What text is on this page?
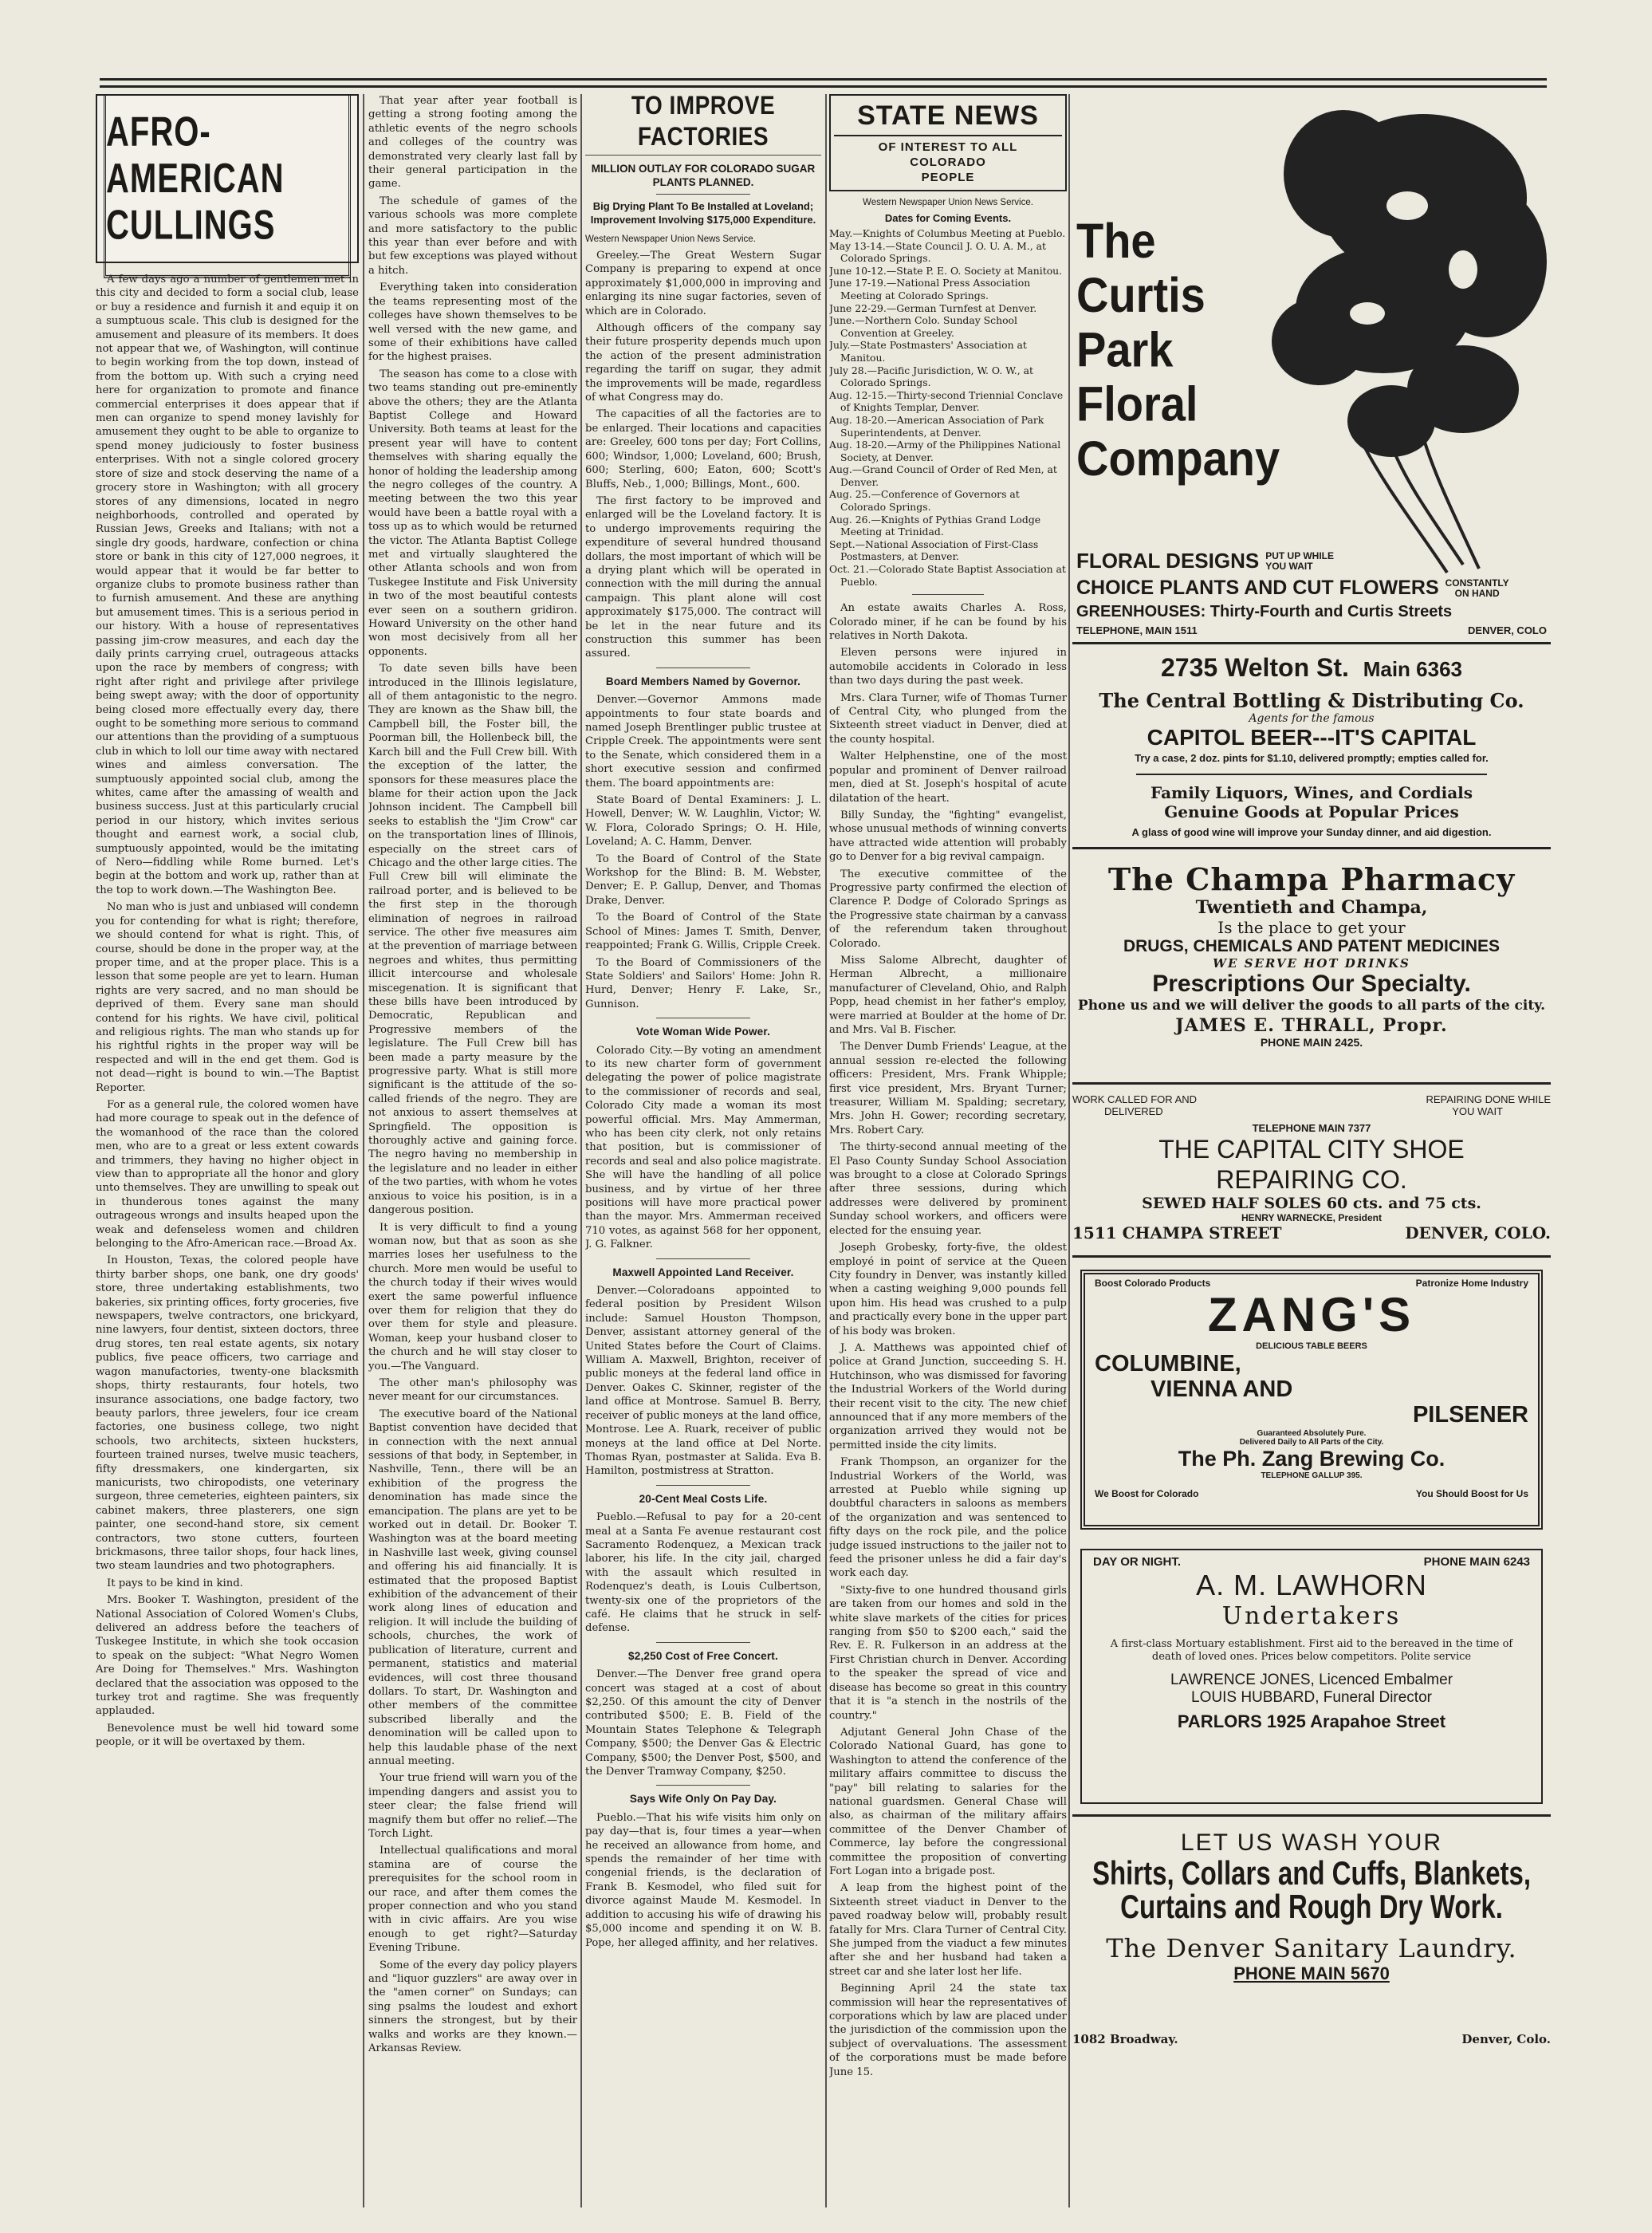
AFRO-AMERICAN CULLINGS

A few days ago a number of gentlemen met in this city and decided to form a social club, lease or buy a residence and furnish it and equip it on a sumptuous scale. This club is designed for the amusement and pleasure of its members. It does not appear that we, of Washington, will continue to begin working from the top down, instead of from the bottom up. With such a crying need here for organization to promote and finance commercial enterprises it does appear that if men can organize to spend money lavishly for amusement they ought to be able to organize to spend money judiciously to foster business enterprises. With not a single colored grocery store of size and stock deserving the name of a grocery store in Washington; with all grocery stores of any dimensions, located in negro neighborhoods, controlled and operated by Russian Jews, Greeks and Italians; with not a single dry goods, hardware, confection or china store or bank in this city of 127,000 negroes, it would appear that it would be far better to organize clubs to promote business rather than to furnish amusement. And these are anything but amusement times. This is a serious period in our history. With a house of representatives passing jim-crow measures, and each day the daily prints carrying cruel, outrageous attacks upon the race by members of congress; with right after right and privilege after privilege being swept away; with the door of opportunity being closed more effectually every day, there ought to be something more serious to command our attentions than the providing of a sumptuous club in which to loll our time away with nectared wines and aimless conversation. The sumptuously appointed social club, among the whites, came after the amassing of wealth and business success. Just at this particularly crucial period in our history, which invites serious thought and earnest work, a social club, sumptuously appointed, would be the imitating of Nero—fiddling while Rome burned. Let's begin at the bottom and work up, rather than at the top to work down.—The Washington Bee.

No man who is just and unbiased will condemn you for contending for what is right; therefore, we should contend for what is right. This, of course, should be done in the proper way, at the proper time, and at the proper place. This is a lesson that some people are yet to learn. Human rights are very sacred, and no man should be deprived of them. Every sane man should contend for his rights. We have civil, political and religious rights. The man who stands up for his rightful rights in the proper way will be respected and will in the end get them. God is not dead—right is bound to win.—The Baptist Reporter.

For as a general rule, the colored women have had more courage to speak out in the defence of the womanhood of the race than the colored men, who are to a great or less extent cowards and trimmers, they having no higher object in view than to appropriate all the honor and glory unto themselves. They are unwilling to speak out in thunderous tones against the many outrageous wrongs and insults heaped upon the weak and defenseless women and children belonging to the Afro-American race.—Broad Ax.

In Houston, Texas, the colored people have thirty barber shops, one bank, one dry goods' store, three undertaking establishments, two bakeries, six printing offices, forty groceries, five newspapers, twelve contractors, one brickyard, nine lawyers, four dentist, sixteen doctors, three drug stores, ten real estate agents, six notary publics, five peace officers, two carriage and wagon manufactories, twenty-one blacksmith shops, thirty restaurants, four hotels, two insurance associations, one badge factory, two beauty parlors, three jewelers, four ice cream factories, one business college, two night schools, two architects, sixteen hucksters, fourteen trained nurses, twelve music teachers, fifty dressmakers, one kindergarten, six manicurists, two chiropodists, one veterinary surgeon, three cemeteries, eighteen painters, six cabinet makers, three plasterers, one sign painter, one second-hand store, six cement contractors, two stone cutters, fourteen brickmasons, three tailor shops, four hack lines, two steam laundries and two photographers.

It pays to be kind in kind.

Mrs. Booker T. Washington, president of the National Association of Colored Women's Clubs, delivered an address before the teachers of Tuskegee Institute, in which she took occasion to speak on the subject: "What Negro Women Are Doing for Themselves." Mrs. Washington declared that the association was opposed to the turkey trot and ragtime. She was frequently applauded.

Benevolence must be well hid toward some people, or it will be overtaxed by them.

That year after year football is getting a strong footing among the athletic events of the negro schools and colleges of the country was demonstrated very clearly last fall by their general participation in the game.

The schedule of games of the various schools was more complete and more satisfactory to the public this year than ever before and with but few exceptions was played without a hitch.

Everything taken into consideration the teams representing most of the colleges have shown themselves to be well versed with the new game, and some of their exhibitions have called for the highest praises.

The season has come to a close with two teams standing out pre-eminently above the others; they are the Atlanta Baptist College and Howard University. Both teams at least for the present year will have to content themselves with sharing equally the honor of holding the leadership among the negro colleges of the country. A meeting between the two this year would have been a battle royal with a toss up as to which would be returned the victor. The Atlanta Baptist College met and virtually slaughtered the other Atlanta schools and won from Tuskegee Institute and Fisk University in two of the most beautiful contests ever seen on a southern gridiron. Howard University on the other hand won most decisively from all her opponents.

To date seven bills have been introduced in the Illinois legislature, all of them antagonistic to the negro. They are known as the Shaw bill, the Campbell bill, the Foster bill, the Poorman bill, the Hollenbeck bill, the Karch bill and the Full Crew bill. With the exception of the latter, the sponsors for these measures place the blame for their action upon the Jack Johnson incident. The Campbell bill seeks to establish the "Jim Crow" car on the transportation lines of Illinois, especially on the street cars of Chicago and the other large cities. The Full Crew bill will eliminate the railroad porter, and is believed to be the first step in the thorough elimination of negroes in railroad service. The other five measures aim at the prevention of marriage between negroes and whites, thus permitting illicit intercourse and wholesale miscegenation. It is significant that these bills have been introduced by Democratic, Republican and Progressive members of the legislature. The Full Crew bill has been made a party measure by the progressive party. What is still more significant is the attitude of the so-called friends of the negro. They are not anxious to assert themselves at Springfield. The opposition is thoroughly active and gaining force. The negro having no membership in the legislature and no leader in either of the two parties, with whom he votes anxious to voice his position, is in a dangerous position.

It is very difficult to find a young woman now, but that as soon as she marries loses her usefulness to the church. More men would be useful to the church today if their wives would exert the same powerful influence over them for religion that they do over them for style and pleasure. Woman, keep your husband closer to the church and he will stay closer to you.—The Vanguard.

The other man's philosophy was never meant for our circumstances.

The executive board of the National Baptist convention have decided that in connection with the next annual sessions of that body, in September, in Nashville, Tenn., there will be an exhibition of the progress the denomination has made since the emancipation. The plans are yet to be worked out in detail. Dr. Booker T. Washington was at the board meeting in Nashville last week, giving counsel and offering his aid financially. It is estimated that the proposed Baptist exhibition of the advancement of their work along lines of education and religion. It will include the building of schools, churches, the work of publication of literature, current and permanent, statistics and material evidences, will cost three thousand dollars. To start, Dr. Washington and other members of the committee subscribed liberally and the denomination will be called upon to help this laudable phase of the next annual meeting.

Your true friend will warn you of the impending dangers and assist you to steer clear; the false friend will magnify them but offer no relief.—The Torch Light.

Intellectual qualifications and moral stamina are of course the prerequisites for the school room in our race, and after them comes the proper connection and who you stand with in civic affairs. Are you wise enough to get right?—Saturday Evening Tribune.

Some of the every day policy players and "liquor guzzlers" are away over in the "amen corner" on Sundays; can sing psalms the loudest and exhort sinners the strongest, but by their walks and works are they known.—Arkansas Review.

TO IMPROVE FACTORIES
MILLION OUTLAY FOR COLORADO SUGAR PLANTS PLANNED.
Big Drying Plant To Be Installed at Loveland; Improvement Involving $175,000 Expenditure.
Western Newspaper Union News Service.

Greeley.—The Great Western Sugar Company is preparing to expend at once approximately $1,000,000 in improving and enlarging its nine sugar factories, seven of which are in Colorado.

Although officers of the company say their future prosperity depends much upon the action of the present administration regarding the tariff on sugar, they admit the improvements will be made, regardless of what Congress may do.

The capacities of all the factories are to be enlarged. Their locations and capacities are: Greeley, 600 tons per day; Fort Collins, 600; Windsor, 1,000; Loveland, 600; Brush, 600; Sterling, 600; Eaton, 600; Scott's Bluffs, Neb., 1,000; Billings, Mont., 600.

The first factory to be improved and enlarged will be the Loveland factory. It is to undergo improvements requiring the expenditure of several hundred thousand dollars, the most important of which will be a drying plant which will be operated in connection with the mill during the annual campaign. This plant alone will cost approximately $175,000. The contract will be let in the near future and its construction this summer has been assured.

Board Members Named by Governor.

Denver.—Governor Ammons made appointments to four state boards and named Joseph Brentlinger public trustee at Cripple Creek. The appointments were sent to the Senate, which considered them in a short executive session and confirmed them. The board appointments are:

State Board of Dental Examiners: J. L. Howell, Denver; W. W. Laughlin, Victor; W. W. Flora, Colorado Springs; O. H. Hile, Loveland; A. C. Hamm, Denver.

To the Board of Control of the State Workshop for the Blind: B. M. Webster, Denver; E. P. Gallup, Denver, and Thomas Drake, Denver.

To the Board of Control of the State School of Mines: James T. Smith, Denver, reappointed; Frank G. Willis, Cripple Creek.

To the Board of Commissioners of the State Soldiers' and Sailors' Home: John R. Hurd, Denver; Henry F. Lake, Sr., Gunnison.

Vote Woman Wide Power.

Colorado City.—By voting an amendment to its new charter form of government delegating the power of police magistrate to the commissioner of records and seal, Colorado City made a woman its most powerful official. Mrs. May Ammerman, who has been city clerk, not only retains that position, but is commissioner of records and seal and also police magistrate. She will have the handling of all police business, and by virtue of her three positions will have more practical power than the mayor. Mrs. Ammerman received 710 votes, as against 568 for her opponent, J. G. Falkner.

Maxwell Appointed Land Receiver.

Denver.—Coloradoans appointed to federal position by President Wilson include: Samuel Houston Thompson, Denver, assistant attorney general of the United States before the Court of Claims. William A. Maxwell, Brighton, receiver of public moneys at the federal land office in Denver. Oakes C. Skinner, register of the land office at Montrose. Samuel B. Berry, receiver of public moneys at the land office, Montrose. Lee A. Ruark, receiver of public moneys at the land office at Del Norte. Thomas Ryan, postmaster at Salida. Eva B. Hamilton, postmistress at Stratton.

20-Cent Meal Costs Life.

Pueblo.—Refusal to pay for a 20-cent meal at a Santa Fe avenue restaurant cost Sacramento Rodenquez, a Mexican track laborer, his life. In the city jail, charged with the assault which resulted in Rodenquez's death, is Louis Culbertson, twenty-six one of the proprietors of the café. He claims that he struck in self-defense.

$2,250 Cost of Free Concert.

Denver.—The Denver free grand opera concert was staged at a cost of about $2,250. Of this amount the city of Denver contributed $500; E. B. Field of the Mountain States Telephone & Telegraph Company, $500; the Denver Gas & Electric Company, $500; the Denver Post, $500, and the Denver Tramway Company, $250.

Says Wife Only On Pay Day.

Pueblo.—That his wife visits him only on pay day—that is, four times a year—when he received an allowance from home, and spends the remainder of her time with congenial friends, is the declaration of Frank B. Kesmodel, who filed suit for divorce against Maude M. Kesmodel. In addition to accusing his wife of drawing his $5,000 income and spending it on W. B. Pope, her alleged affinity, and her relatives.

STATE NEWS
OF INTEREST TO ALL
COLORADO
PEOPLE
Western Newspaper Union News Service.
Dates for Coming Events.
May.—Knights of Columbus Meeting at Pueblo.
May 13-14.—State Council J. O. U. A. M., at Colorado Springs.
June 10-12.—State P. E. O. Society at Manitou.
June 17-19.—National Press Association Meeting at Colorado Springs.
June 22-29.—German Turnfest at Denver.
June.—Northern Colo. Sunday School Convention at Greeley.
July.—State Postmasters' Association at Manitou.
July 28.—Pacific Jurisdiction, W. O. W., at Colorado Springs.
Aug. 12-15.—Thirty-second Triennial Conclave of Knights Templar, Denver.
Aug. 18-20.—American Association of Park Superintendents, at Denver.
Aug. 18-20.—Army of the Philippines National Society, at Denver.
Aug.—Grand Council of Order of Red Men, at Denver.
Aug. 25.—Conference of Governors at Colorado Springs.
Aug. 26.—Knights of Pythias Grand Lodge Meeting at Trinidad.
Sept.—National Association of First-Class Postmasters, at Denver.
Oct. 21.—Colorado State Baptist Association at Pueblo.

An estate awaits Charles A. Ross, Colorado miner, if he can be found by his relatives in North Dakota.

Eleven persons were injured in automobile accidents in Colorado in less than two days during the past week.

Mrs. Clara Turner, wife of Thomas Turner of Central City, who plunged from the Sixteenth street viaduct in Denver, died at the county hospital.

Walter Helphenstine, one of the most popular and prominent of Denver railroad men, died at St. Joseph's hospital of acute dilatation of the heart.

Billy Sunday, the "fighting" evangelist, whose unusual methods of winning converts have attracted wide attention will probably go to Denver for a big revival campaign.

The executive committee of the Progressive party confirmed the election of Clarence P. Dodge of Colorado Springs as the Progressive state chairman by a canvass of the referendum taken throughout Colorado.

Miss Salome Albrecht, daughter of Herman Albrecht, a millionaire manufacturer of Cleveland, Ohio, and Ralph Popp, head chemist in her father's employ, were married at Boulder at the home of Dr. and Mrs. Val B. Fischer.

The Denver Dumb Friends' League, at the annual session re-elected the following officers: President, Mrs. Frank Whipple; first vice president, Mrs. Bryant Turner; treasurer, William M. Spalding; secretary, Mrs. John H. Gower; recording secretary, Mrs. Robert Cary.

The thirty-second annual meeting of the El Paso County Sunday School Association was brought to a close at Colorado Springs after three sessions, during which addresses were delivered by prominent Sunday school workers, and officers were elected for the ensuing year.

Joseph Grobesky, forty-five, the oldest employé in point of service at the Queen City foundry in Denver, was instantly killed when a casting weighing 9,000 pounds fell upon him. His head was crushed to a pulp and practically every bone in the upper part of his body was broken.

J. A. Matthews was appointed chief of police at Grand Junction, succeeding S. H. Hutchinson, who was dismissed for favoring the Industrial Workers of the World during their recent visit to the city. The new chief announced that if any more members of the organization arrived they would not be permitted inside the city limits.

Frank Thompson, an organizer for the Industrial Workers of the World, was arrested at Pueblo while signing up doubtful characters in saloons as members of the organization and was sentenced to fifty days on the rock pile, and the police judge issued instructions to the jailer not to feed the prisoner unless he did a fair day's work each day.

"Sixty-five to one hundred thousand girls are taken from our homes and sold in the white slave markets of the cities for prices ranging from $50 to $200 each," said the Rev. E. R. Fulkerson in an address at the First Christian church in Denver. According to the speaker the spread of vice and disease has become so great in this country that it is "a stench in the nostrils of the country."

Adjutant General John Chase of the Colorado National Guard, has gone to Washington to attend the conference of the military affairs committee to discuss the "pay" bill relating to salaries for the national guardsmen. General Chase will also, as chairman of the military affairs committee of the Denver Chamber of Commerce, lay before the congressional committee the proposition of converting Fort Logan into a brigade post.

A leap from the highest point of the Sixteenth street viaduct in Denver to the paved roadway below will, probably result fatally for Mrs. Clara Turner of Central City. She jumped from the viaduct a few minutes after she and her husband had taken a street car and she later lost her life.

Beginning April 24 the state tax commission will hear the representatives of corporations which by law are placed under the jurisdiction of the commission upon the subject of overvaluations. The assessment of the corporations must be made before June 15.

The
Curtis
Park
Floral
Company
FLORAL DESIGNS PUT UP WHILE
YOU WAIT
CHOICE PLANTS AND CUT FLOWERS CONSTANTLY
ON HAND
GREENHOUSES: Thirty-Fourth and Curtis Streets
TELEPHONE, MAIN 1511	DENVER, COLO
2735 Welton St. Main 6363
The Central Bottling & Distributing Co.
Agents for the famous
CAPITOL BEER---IT'S CAPITAL
Try a case, 2 doz. pints for $1.10, delivered promptly; empties called for.
Family Liquors, Wines, and Cordials
Genuine Goods at Popular Prices
A glass of good wine will improve your Sunday dinner, and aid digestion.
The Champa Pharmacy
Twentieth and Champa,
Is the place to get your
DRUGS, CHEMICALS AND PATENT MEDICINES
WE SERVE HOT DRINKS
Prescriptions Our Specialty.
Phone us and we will deliver the goods to all parts of the city.
JAMES E. THRALL, Propr.
PHONE MAIN 2425.
WORK CALLED FOR AND	REPAIRING DONE WHILE
DELIVERED	YOU WAIT
TELEPHONE MAIN 7377
THE CAPITAL CITY SHOE
REPAIRING CO.
SEWED HALF SOLES 60 cts. and 75 cts.
HENRY WARNECKE, President
1511 CHAMPA STREET	DENVER, COLO.
Boost Colorado Products	Patronize Home Industry
ZANG'S
DELICIOUS TABLE BEERS
COLUMBINE,
VIENNA AND
PILSENER
Guaranteed Absolutely Pure.
Delivered Daily to All Parts of the City.
The Ph. Zang Brewing Co.
TELEPHONE GALLUP 395.
We Boost for Colorado	You Should Boost for Us
DAY OR NIGHT.	PHONE MAIN 6243
A. M. LAWHORN
Undertakers
A first-class Mortuary establishment. First aid to the bereaved in the time of death of loved ones. Prices below competitors. Polite service
LAWRENCE JONES, Licenced Embalmer
LOUIS HUBBARD, Funeral Director
PARLORS 1925 Arapahoe Street
LET US WASH YOUR
Shirts, Collars and Cuffs, Blankets,
Curtains and Rough Dry Work.
The Denver Sanitary Laundry.
PHONE MAIN 5670
1082 Broadway.	Denver, Colo.
